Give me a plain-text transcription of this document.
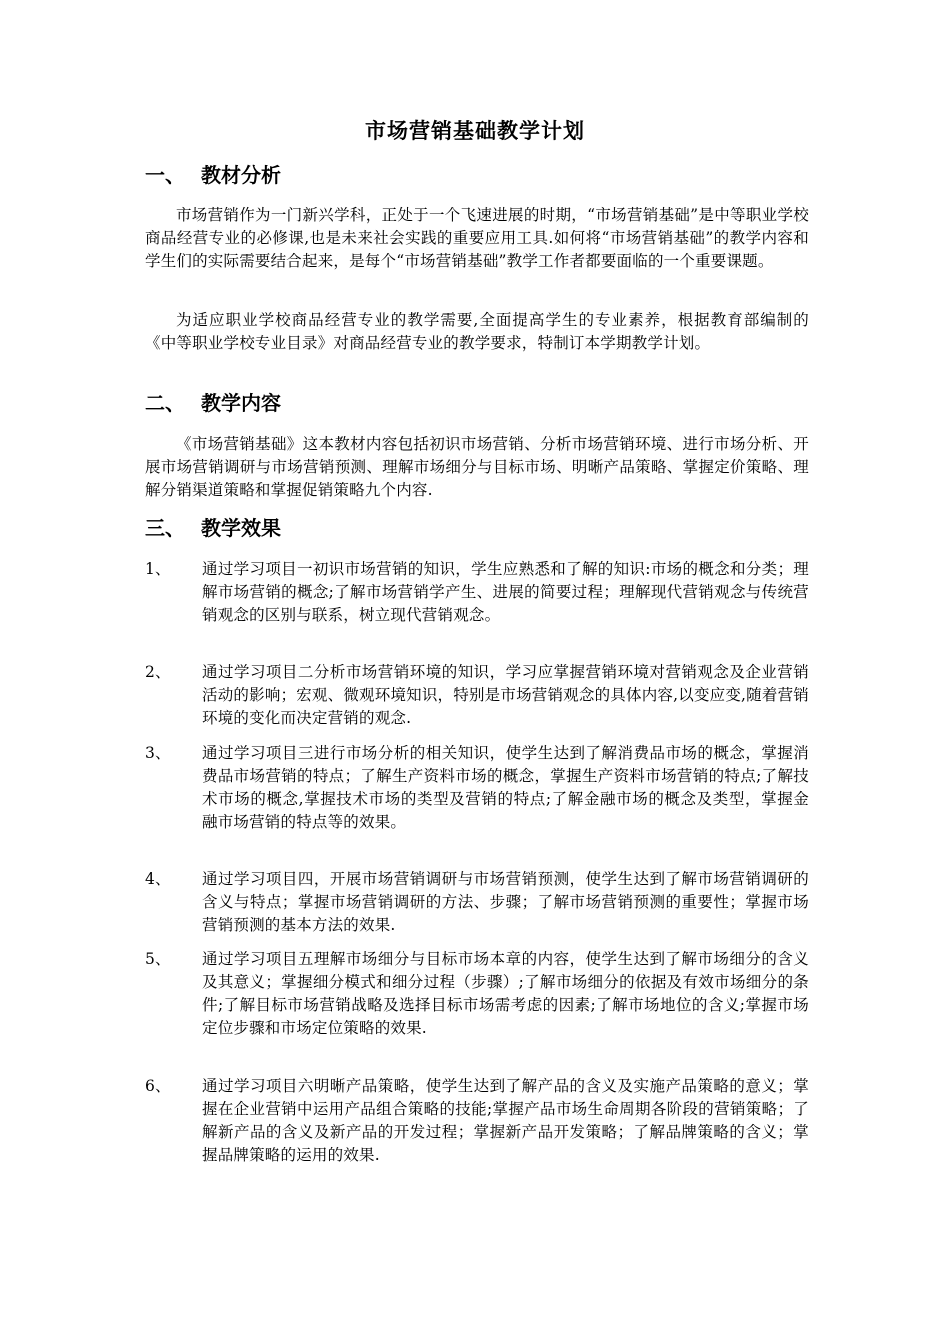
市场营销基础教学计划
一、 教材分析
市场营销作为一门新兴学科，正处于一个飞速进展的时期，“市场营销基础”是中等职业学校商品经营专业的必修课,也是未来社会实践的重要应用工具.如何将“市场营销基础”的教学内容和学生们的实际需要结合起来，是每个“市场营销基础”教学工作者都要面临的一个重要课题。
为适应职业学校商品经营专业的教学需要,全面提高学生的专业素养，根据教育部编制的《中等职业学校专业目录》对商品经营专业的教学要求，特制订本学期教学计划。
二、 教学内容
《市场营销基础》这本教材内容包括初识市场营销、分析市场营销环境、进行市场分析、开展市场营销调研与市场营销预测、理解市场细分与目标市场、明晰产品策略、掌握定价策略、理解分销渠道策略和掌握促销策略九个内容.
三、 教学效果
1、	通过学习项目一初识市场营销的知识，学生应熟悉和了解的知识:市场的概念和分类；理解市场营销的概念;了解市场营销学产生、进展的简要过程；理解现代营销观念与传统营销观念的区别与联系，树立现代营销观念。
2、	通过学习项目二分析市场营销环境的知识，学习应掌握营销环境对营销观念及企业营销活动的影响；宏观、微观环境知识，特别是市场营销观念的具体内容,以变应变,随着营销环境的变化而决定营销的观念.
3、	通过学习项目三进行市场分析的相关知识，使学生达到了解消费品市场的概念，掌握消费品市场营销的特点；了解生产资料市场的概念，掌握生产资料市场营销的特点;了解技术市场的概念,掌握技术市场的类型及营销的特点;了解金融市场的概念及类型，掌握金融市场营销的特点等的效果。
4、	通过学习项目四，开展市场营销调研与市场营销预测，使学生达到了解市场营销调研的含义与特点；掌握市场营销调研的方法、步骤；了解市场营销预测的重要性；掌握市场营销预测的基本方法的效果.
5、	通过学习项目五理解市场细分与目标市场本章的内容，使学生达到了解市场细分的含义及其意义；掌握细分模式和细分过程（步骤）;了解市场细分的依据及有效市场细分的条件;了解目标市场营销战略及选择目标市场需考虑的因素;了解市场地位的含义;掌握市场定位步骤和市场定位策略的效果.
6、	通过学习项目六明晰产品策略，使学生达到了解产品的含义及实施产品策略的意义；掌握在企业营销中运用产品组合策略的技能;掌握产品市场生命周期各阶段的营销策略；了解新产品的含义及新产品的开发过程；掌握新产品开发策略；了解品牌策略的含义；掌握品牌策略的运用的效果.
